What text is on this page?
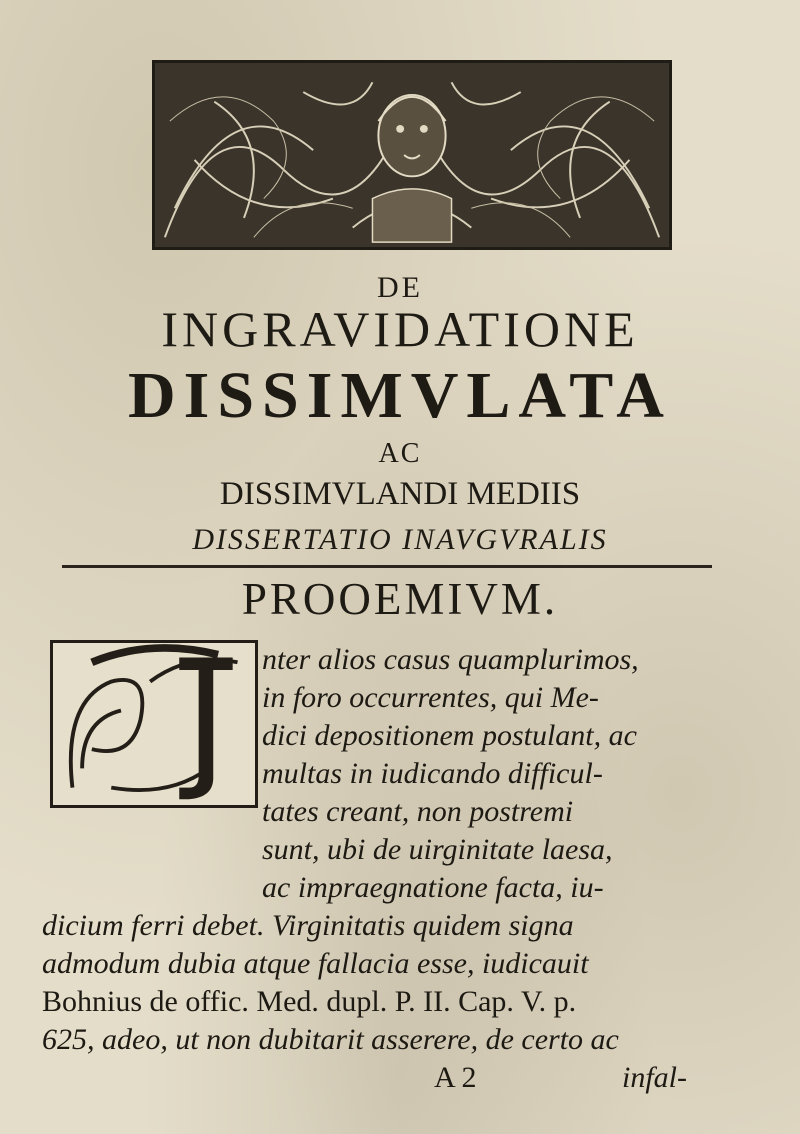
DE
INGRAVIDATIONE
DISSIMVLATA
AC
DISSIMVLANDI MEDIIS
DISSERTATIO INAVGVRALIS
PROOEMIVM.
nter alios casus quamplurimos,
in foro occurrentes, qui Me-
dici depositionem postulant, ac
multas in iudicando difficul-
tates creant, non postremi
sunt, ubi de uirginitate laesa,
ac impraegnatione facta, iu-
dicium ferri debet. Virginitatis quidem signa
admodum dubia atque fallacia esse, iudicauit
Bohnius de offic. Med. dupl. P. II. Cap. V. p.
625, adeo, ut non dubitarit asserere, de certo ac
A 2	infal-
